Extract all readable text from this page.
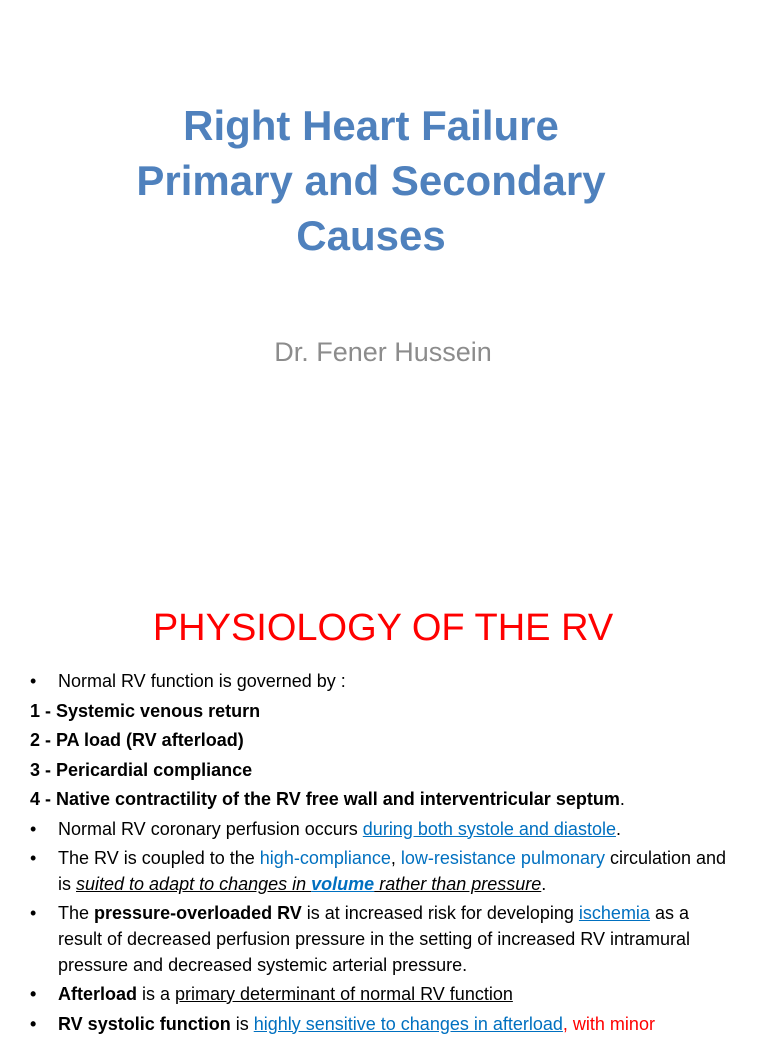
Right Heart Failure
Primary and Secondary
Causes
Dr. Fener Hussein
PHYSIOLOGY OF THE RV
• Normal RV function is governed by :
1 - Systemic venous return
2 - PA load (RV afterload)
3 - Pericardial compliance
4 - Native contractility of the RV free wall and interventricular septum.
• Normal RV coronary perfusion occurs during both systole and diastole.
• The RV is coupled to the high-compliance, low-resistance pulmonary circulation and is suited to adapt to changes in volume rather than pressure.
• The pressure-overloaded RV is at increased risk for developing ischemia as a result of decreased perfusion pressure in the setting of increased RV intramural pressure and decreased systemic arterial pressure.
• Afterload is a primary determinant of normal RV function
• RV systolic function is highly sensitive to changes in afterload, with minor
